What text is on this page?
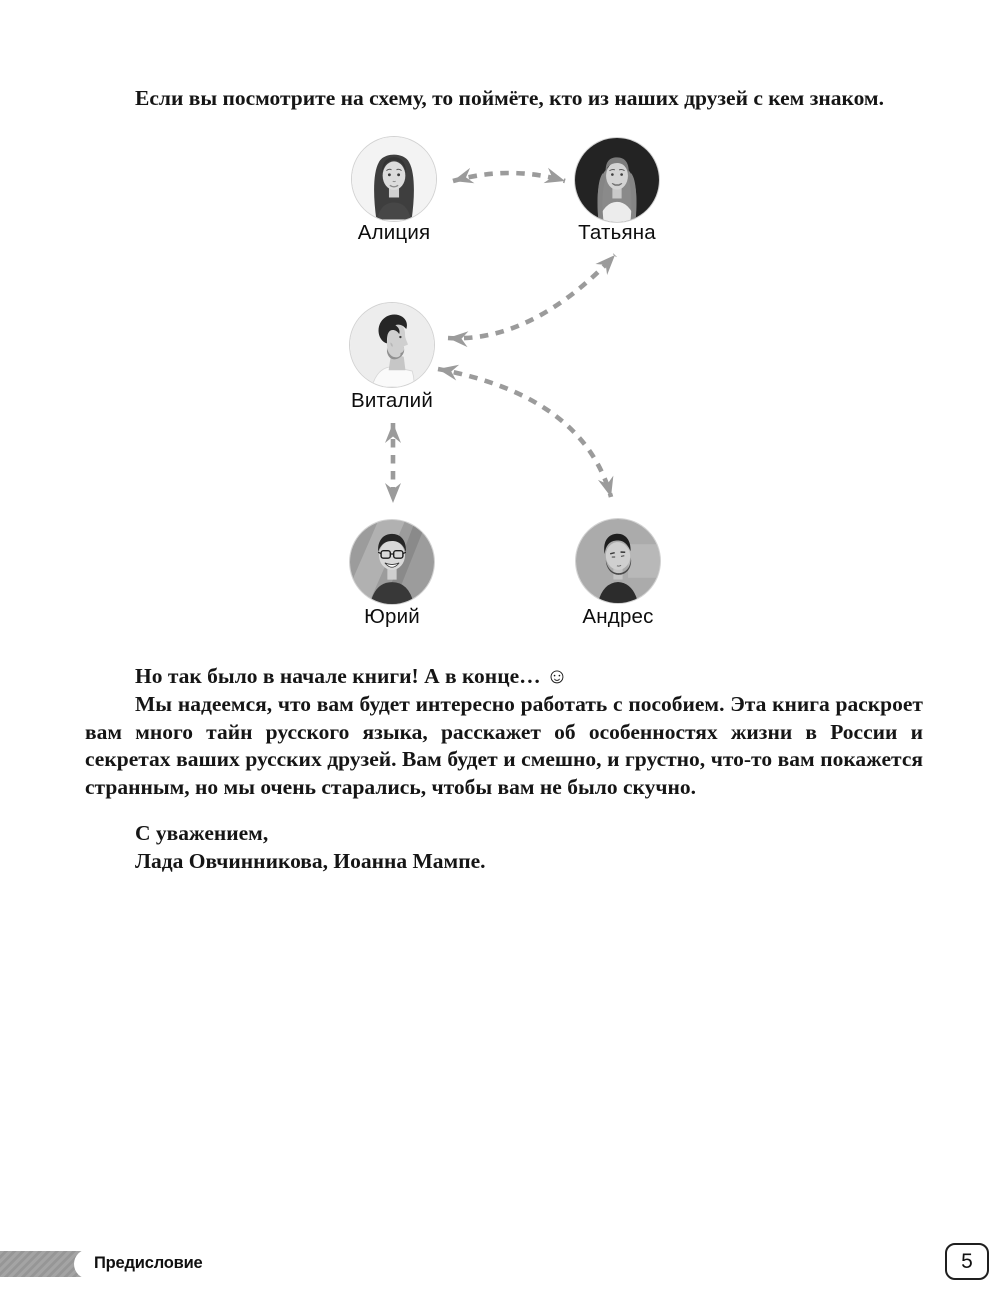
Если вы посмотрите на схему, то поймёте, кто из наших друзей с кем знаком.
Алиция	Татьяна
Виталий
Юрий	Андрес
Но так было в начале книги! А в конце… ☺
Мы надеемся, что вам будет интересно работать с пособием. Эта книга раскроет вам много тайн русского языка, расскажет об особенностях жизни в России и секретах ваших русских друзей. Вам будет и смешно, и грустно, что-то вам покажется странным, но мы очень старались, чтобы вам не было скучно.
С уважением,
Лада Овчинникова, Иоанна Мампе.
Предисловие	5
